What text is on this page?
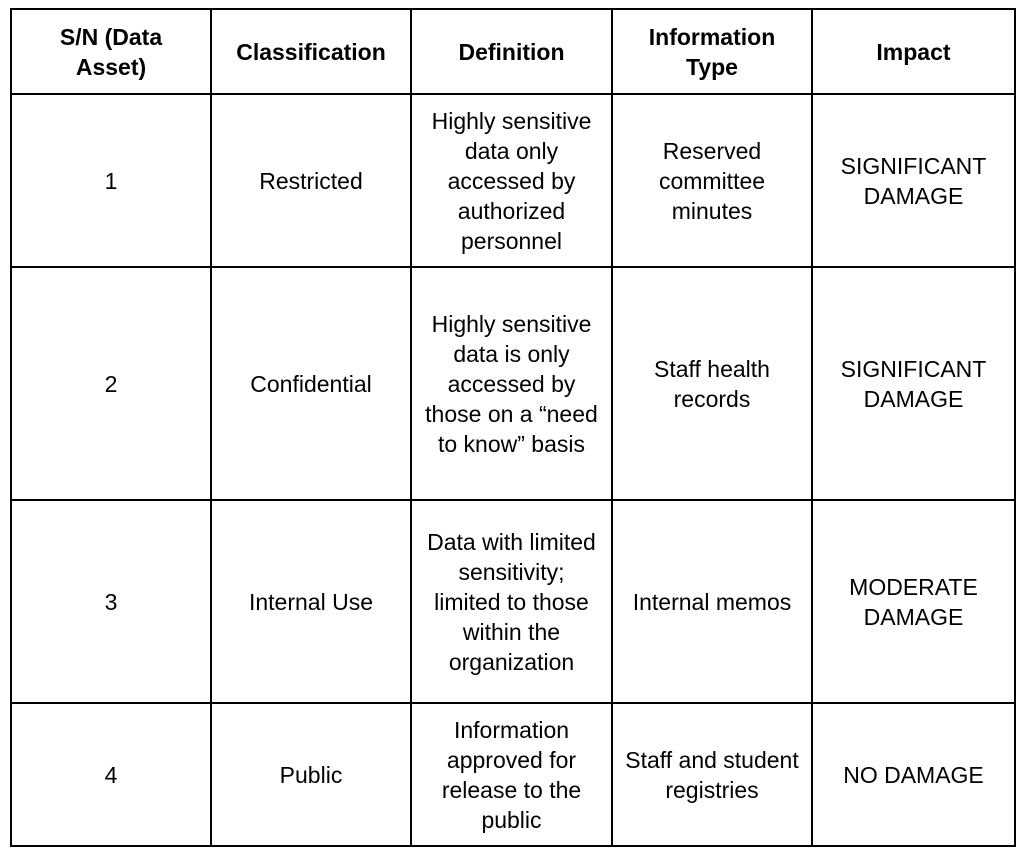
S/N (Data Asset)	Classification	Definition	Information Type	Impact
1	Restricted	Highly sensitive data only accessed by authorized personnel	Reserved committee minutes	SIGNIFICANT DAMAGE
2	Confidential	Highly sensitive data is only accessed by those on a “need to know” basis	Staff health records	SIGNIFICANT DAMAGE
3	Internal Use	Data with limited sensitivity; limited to those within the organization	Internal memos	MODERATE DAMAGE
4	Public	Information approved for release to the public	Staff and student registries	NO DAMAGE
